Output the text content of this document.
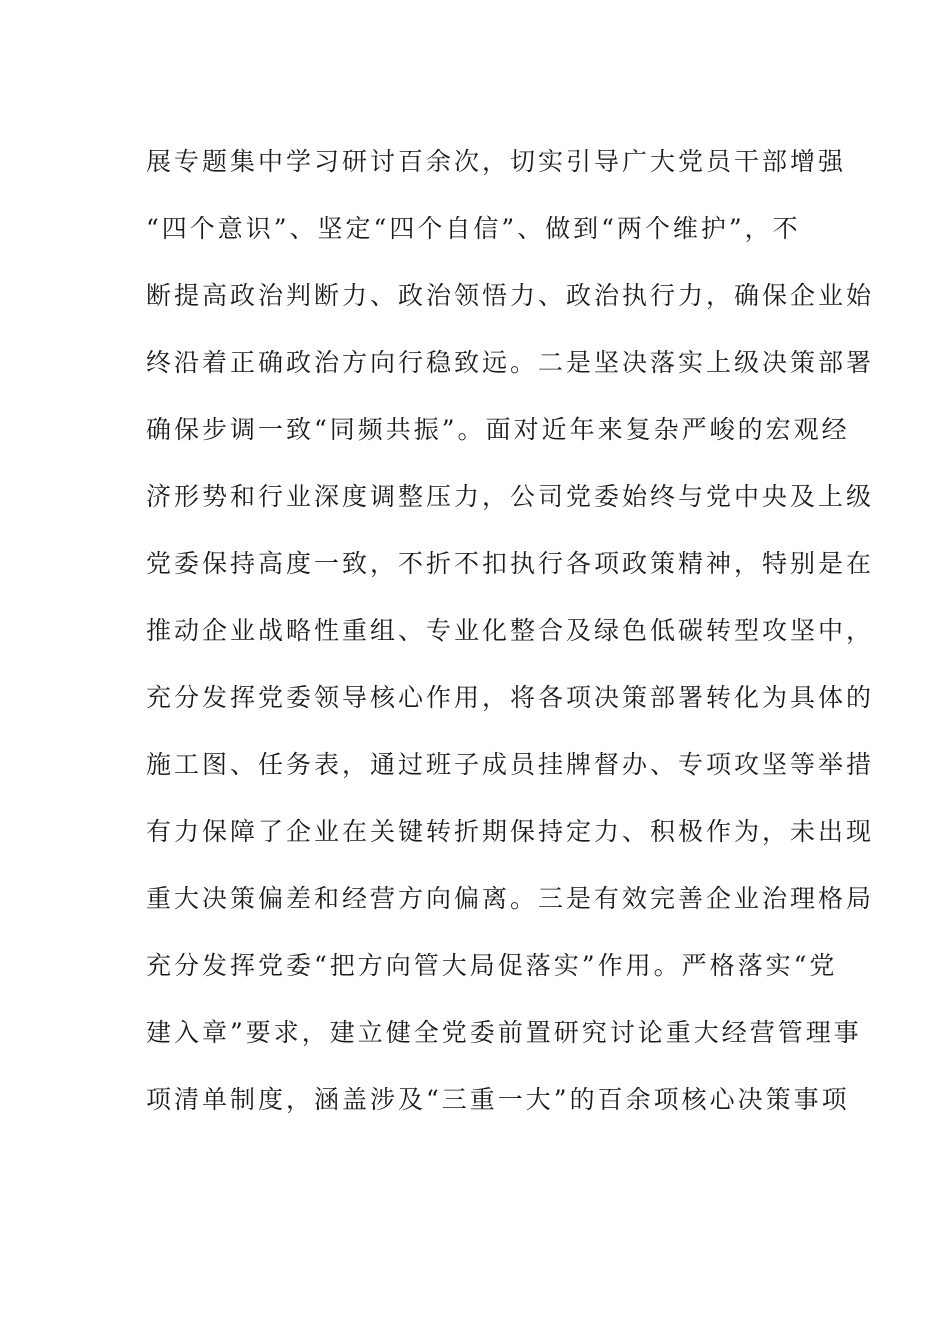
展专题集中学习研讨百余次，切实引导广大党员干部增强
“四个意识”、坚定“四个自信”、做到“两个维护”，不
断提高政治判断力、政治领悟力、政治执行力，确保企业始
终沿着正确政治方向行稳致远。二是坚决落实上级决策部署
确保步调一致“同频共振”。面对近年来复杂严峻的宏观经
济形势和行业深度调整压力，公司党委始终与党中央及上级
党委保持高度一致，不折不扣执行各项政策精神，特别是在
推动企业战略性重组、专业化整合及绿色低碳转型攻坚中，
充分发挥党委领导核心作用，将各项决策部署转化为具体的
施工图、任务表，通过班子成员挂牌督办、专项攻坚等举措
有力保障了企业在关键转折期保持定力、积极作为，未出现
重大决策偏差和经营方向偏离。三是有效完善企业治理格局
充分发挥党委“把方向管大局促落实”作用。严格落实“党
建入章”要求，建立健全党委前置研究讨论重大经营管理事
项清单制度，涵盖涉及“三重一大”的百余项核心决策事项
